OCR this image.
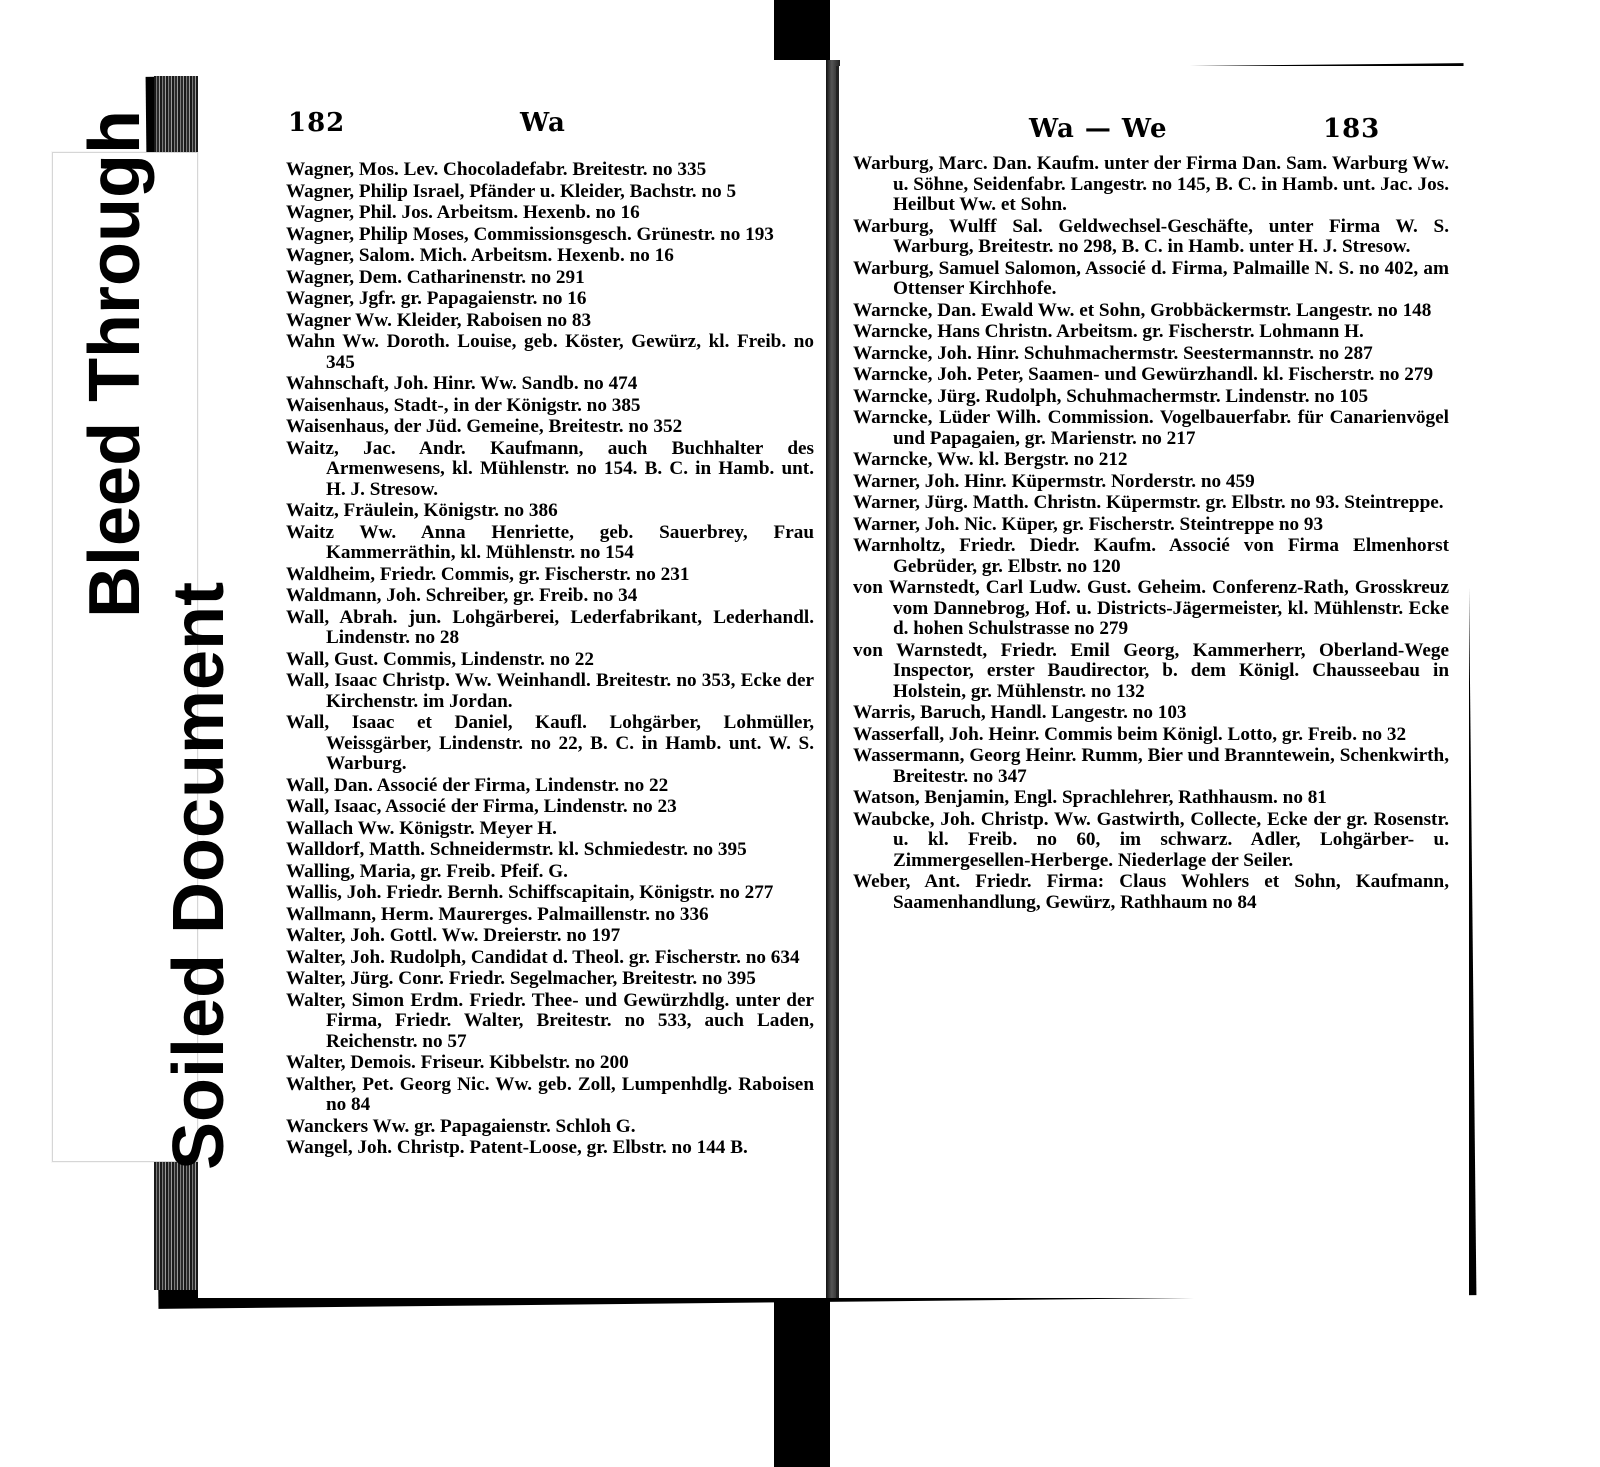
182	Wa
Wagner, Mos. Lev. Chocoladefabr. Breitestr. no 335
Wagner, Philip Israel, Pfänder u. Kleider, Bachstr. no 5
Wagner, Phil. Jos. Arbeitsm. Hexenb. no 16
Wagner, Philip Moses, Commissionsgesch. Grünestr. no 193
Wagner, Salom. Mich. Arbeitsm. Hexenb. no 16
Wagner, Dem. Catharinenstr. no 291
Wagner, Jgfr. gr. Papagaienstr. no 16
Wagner Ww. Kleider, Raboisen no 83
Wahn Ww. Doroth. Louise, geb. Köster, Gewürz, kl. Freib. no 345
Wahnschaft, Joh. Hinr. Ww. Sandb. no 474
Waisenhaus, Stadt-, in der Königstr. no 385
Waisenhaus, der Jüd. Gemeine, Breitestr. no 352
Waitz, Jac. Andr. Kaufmann, auch Buchhalter des Armenwesens, kl. Mühlenstr. no 154. B. C. in Hamb. unt. H. J. Stresow.
Waitz, Fräulein, Königstr. no 386
Waitz Ww. Anna Henriette, geb. Sauerbrey, Frau Kammerräthin, kl. Mühlenstr. no 154
Waldheim, Friedr. Commis, gr. Fischerstr. no 231
Waldmann, Joh. Schreiber, gr. Freib. no 34
Wall, Abrah. jun. Lohgärberei, Lederfabrikant, Lederhandl. Lindenstr. no 28
Wall, Gust. Commis, Lindenstr. no 22
Wall, Isaac Christp. Ww. Weinhandl. Breitestr. no 353, Ecke der Kirchenstr. im Jordan.
Wall, Isaac et Daniel, Kaufl. Lohgärber, Lohmüller, Weissgärber, Lindenstr. no 22, B. C. in Hamb. unt. W. S. Warburg.
Wall, Dan. Associé der Firma, Lindenstr. no 22
Wall, Isaac, Associé der Firma, Lindenstr. no 23
Wallach Ww. Königstr. Meyer H.
Walldorf, Matth. Schneidermstr. kl. Schmiedestr. no 395
Walling, Maria, gr. Freib. Pfeif. G.
Wallis, Joh. Friedr. Bernh. Schiffscapitain, Königstr. no 277
Wallmann, Herm. Maurerges. Palmaillenstr. no 336
Walter, Joh. Gottl. Ww. Dreierstr. no 197
Walter, Joh. Rudolph, Candidat d. Theol. gr. Fischerstr. no 634
Walter, Jürg. Conr. Friedr. Segelmacher, Breitestr. no 395
Walter, Simon Erdm. Friedr. Thee- und Gewürzhdlg. unter der Firma, Friedr. Walter, Breitestr. no 533, auch Laden, Reichenstr. no 57
Walter, Demois. Friseur. Kibbelstr. no 200
Walther, Pet. Georg Nic. Ww. geb. Zoll, Lumpenhdlg. Raboisen no 84
Wanckers Ww. gr. Papagaienstr. Schloh G.
Wangel, Joh. Christp. Patent-Loose, gr. Elbstr. no 144 B.
Wa — We	183
Warburg, Marc. Dan. Kaufm. unter der Firma Dan. Sam. Warburg Ww. u. Söhne, Seidenfabr. Langestr. no 145, B. C. in Hamb. unt. Jac. Jos. Heilbut Ww. et Sohn.
Warburg, Wulff Sal. Geldwechsel-Geschäfte, unter Firma W. S. Warburg, Breitestr. no 298, B. C. in Hamb. unter H. J. Stresow.
Warburg, Samuel Salomon, Associé d. Firma, Palmaille N. S. no 402, am Ottenser Kirchhofe.
Warncke, Dan. Ewald Ww. et Sohn, Grobbäckermstr. Langestr. no 148
Warncke, Hans Christn. Arbeitsm. gr. Fischerstr. Lohmann H.
Warncke, Joh. Hinr. Schuhmachermstr. Seestermannstr. no 287
Warncke, Joh. Peter, Saamen- und Gewürzhandl. kl. Fischerstr. no 279
Warncke, Jürg. Rudolph, Schuhmachermstr. Lindenstr. no 105
Warncke, Lüder Wilh. Commission. Vogelbauerfabr. für Canarienvögel und Papagaien, gr. Marienstr. no 217
Warncke, Ww. kl. Bergstr. no 212
Warner, Joh. Hinr. Küpermstr. Norderstr. no 459
Warner, Jürg. Matth. Christn. Küpermstr. gr. Elbstr. no 93. Steintreppe.
Warner, Joh. Nic. Küper, gr. Fischerstr. Steintreppe no 93
Warnholtz, Friedr. Diedr. Kaufm. Associé von Firma Elmenhorst Gebrüder, gr. Elbstr. no 120
von Warnstedt, Carl Ludw. Gust. Geheim. Conferenz-Rath, Grosskreuz vom Dannebrog, Hof. u. Districts-Jägermeister, kl. Mühlenstr. Ecke d. hohen Schulstrasse no 279
von Warnstedt, Friedr. Emil Georg, Kammerherr, Oberland-Wege Inspector, erster Baudirector, b. dem Königl. Chausseebau in Holstein, gr. Mühlenstr. no 132
Warris, Baruch, Handl. Langestr. no 103
Wasserfall, Joh. Heinr. Commis beim Königl. Lotto, gr. Freib. no 32
Wassermann, Georg Heinr. Rumm, Bier und Branntewein, Schenkwirth, Breitestr. no 347
Watson, Benjamin, Engl. Sprachlehrer, Rathhausm. no 81
Waubcke, Joh. Christp. Ww. Gastwirth, Collecte, Ecke der gr. Rosenstr. u. kl. Freib. no 60, im schwarz. Adler, Lohgärber- u. Zimmergesellen-Herberge. Niederlage der Seiler.
Weber, Ant. Friedr. Firma: Claus Wohlers et Sohn, Kaufmann, Saamenhandlung, Gewürz, Rathhaum no 84
Bleed Through
Soiled Document
